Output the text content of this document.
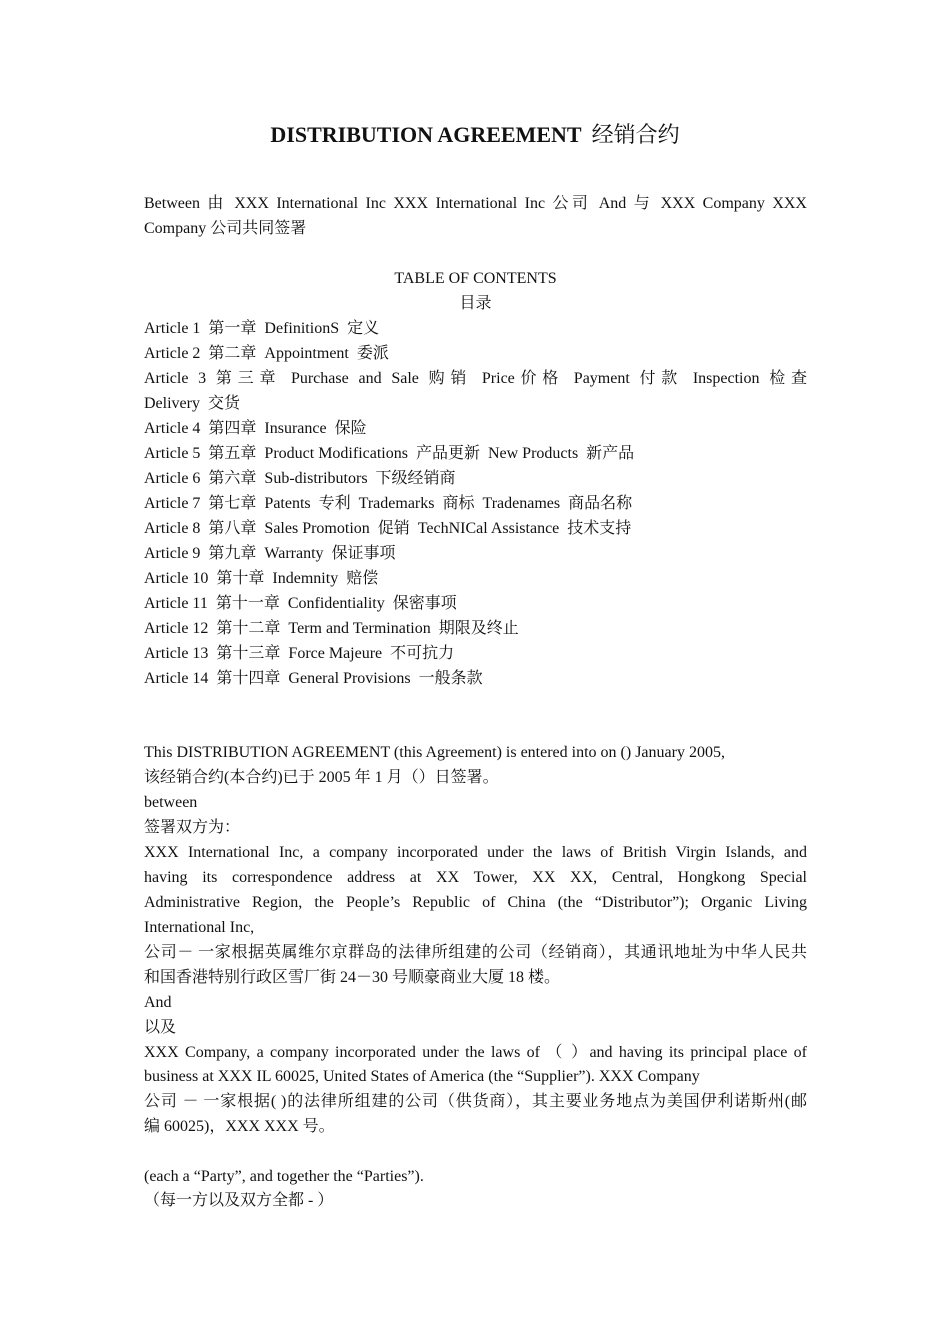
DISTRIBUTION AGREEMENT 经销合约
Between 由 XXX International Inc XXX International Inc 公司 And 与 XXX Company XXX
Company 公司共同签署
TABLE OF CONTENTS
目录
Article 1  第一章  DefinitionS  定义
Article 2  第二章  Appointment  委派
Article 3 第三章 Purchase and Sale 购销 Price价格 Payment 付款 Inspection 检查
Delivery  交货
Article 4  第四章  Insurance  保险
Article 5  第五章  Product Modifications  产品更新  New Products  新产品
Article 6  第六章  Sub-distributors  下级经销商
Article 7  第七章  Patents  专利  Trademarks  商标  Tradenames  商品名称
Article 8  第八章  Sales Promotion  促销  TechNICal Assistance  技术支持
Article 9  第九章  Warranty  保证事项
Article 10  第十章  Indemnity  赔偿
Article 11  第十一章  Confidentiality  保密事项
Article 12  第十二章  Term and Termination  期限及终止
Article 13  第十三章  Force Majeure  不可抗力
Article 14  第十四章  General Provisions  一般条款
This DISTRIBUTION AGREEMENT (this Agreement) is entered into on () January 2005,
该经销合约(本合约)已于 2005 年 1 月（）日签署。
between
签署双方为：
XXX International Inc, a company incorporated under the laws of British Virgin Islands, and
having its correspondence address at XX Tower, XX XX, Central, Hongkong Special
Administrative Region, the People’s Republic of China (the “Distributor”); Organic Living
International Inc,
公司－ 一家根据英属维尔京群岛的法律所组建的公司（经销商），其通讯地址为中华人民共
和国香港特别行政区雪厂街 24－30 号顺豪商业大厦 18 楼。
And
以及
XXX Company, a company incorporated under the laws of （ ）and having its principal place of
business at XXX IL 60025, United States of America (the “Supplier”). XXX Company
公司 － 一家根据( )的法律所组建的公司（供货商），其主要业务地点为美国伊利诺斯州(邮
编 60025)，XXX XXX 号。
(each a “Party”, and together the “Parties”).
（每一方以及双方全都 - ）
